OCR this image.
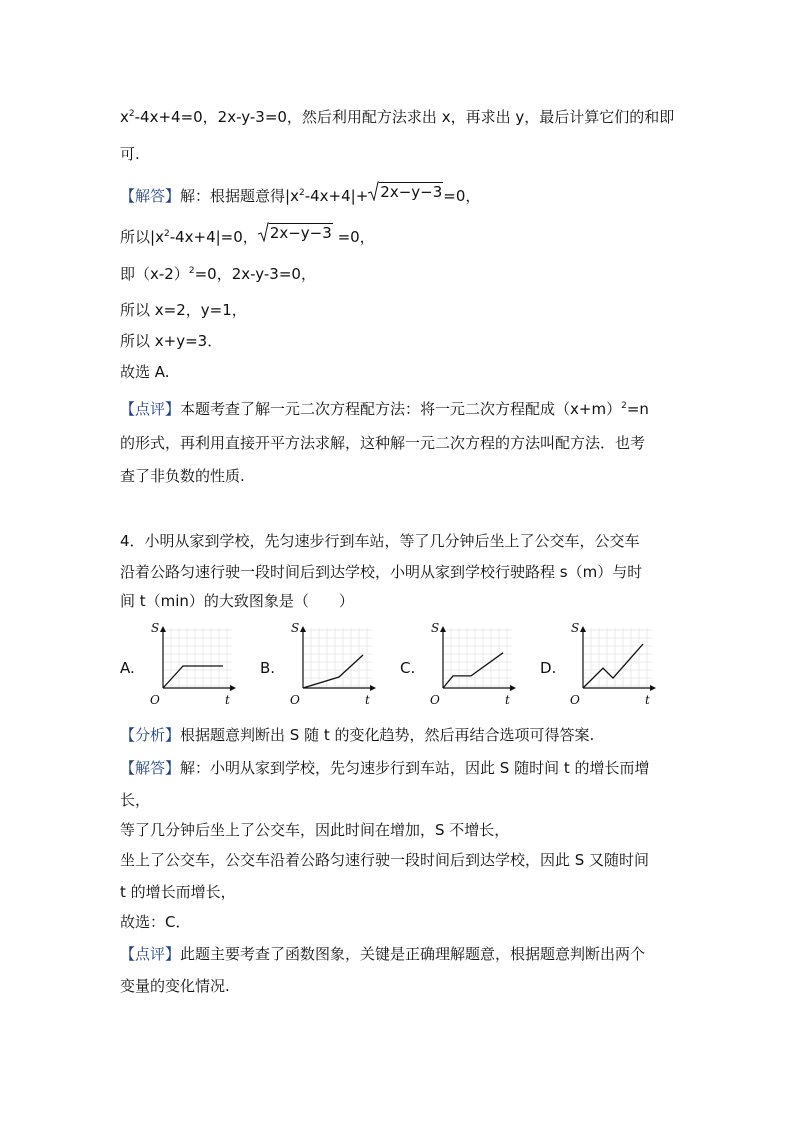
$x^2-4x+4=0$，2x-y-3=0，然后利用配方法求出 x，再求出 y，最后计算它们的和即
可.
【解答】解：根据题意得$|x^2-4x+4|+ 2x-y-3 =0$，
所以$|x^2-4x+4|=0$， 2x−y−3 =0，
即$(x-2)^2=0$，2x-y-3=0，
所以 x=2，y=1，
所以 x+y=3．
故选 A.
【点评】本题考查了解一元二次方程配方法：将一元二次方程配成$(x+m)^2=n$
的形式，再利用直接开平方法求解，这种解一元二次方程的方法叫配方法．也考
查了非负数的性质.
4．小明从家到学校，先匀速步行到车站，等了几分钟后坐上了公交车，公交车
沿着公路匀速行驶一段时间后到达学校，小明从家到学校行驶路程 s（m）与时
间 t（min）的大致图象是（　　）
A.	B.	C.	D.
S
t
O
S
t
O
S
t
O
S
t
O
【分析】根据题意判断出 S 随 t 的变化趋势，然后再结合选项可得答案.
【解答】解：小明从家到学校，先匀速步行到车站，因此 S 随时间 t 的增长而增
长，
等了几分钟后坐上了公交车，因此时间在增加，S 不增长，
坐上了公交车，公交车沿着公路匀速行驶一段时间后到达学校，因此 S 又随时间
t 的增长而增长，
故选：C．
【点评】此题主要考查了函数图象，关键是正确理解题意，根据题意判断出两个
变量的变化情况.
